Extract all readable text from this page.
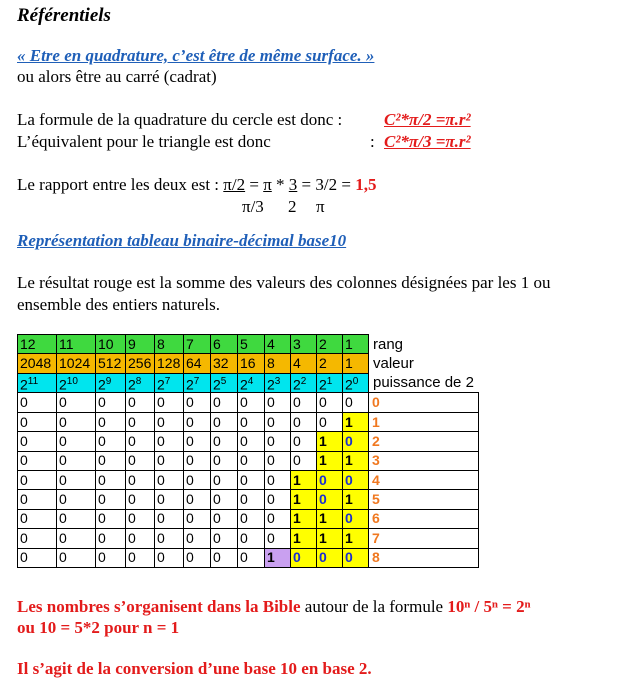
Référentiels
« Etre en quadrature, c’est être de même surface. »
ou alors être au carré (cadrat)
La formule de la quadrature du cercle est donc : C²*π/2 =π.r²
L’équivalent pour le triangle est donc	: C²*π/3 =π.r²
Le rapport entre les deux est : π/2 = π * 3 = 3/2 = 1,5
π/3 2 π
Représentation tableau binaire-décimal base10
Le résultat rouge est la somme des valeurs des colonnes désignées par les 1 ou
ensemble des entiers naturels.
12	11	10	9	8	7	6	5	4	3	2	1	rang
2048	1024	512	256	128	64	32	16	8	4	2	1	valeur
$2^{11}$	$2^{10}$	$2^9$	$2^8$	$2^7$	$2^7$	$2^5$	$2^4$	$2^3$	$2^2$	$2^1$	$2^0$	puissance de 2
0	0	0	0	0	0	0	0	0	0	0	0	0
0	0	0	0	0	0	0	0	0	0	0	1	1
0	0	0	0	0	0	0	0	0	0	1	0	2
0	0	0	0	0	0	0	0	0	0	1	1	3
0	0	0	0	0	0	0	0	0	1	0	0	4
0	0	0	0	0	0	0	0	0	1	0	1	5
0	0	0	0	0	0	0	0	0	1	1	0	6
0	0	0	0	0	0	0	0	0	1	1	1	7
0	0	0	0	0	0	0	0	1	0	0	0	8
Les nombres s’organisent dans la Bible autour de la formule 10ⁿ / 5ⁿ = 2ⁿ
ou 10 = 5*2 pour n = 1
Il s’agit de la conversion d’une base 10 en base 2.
